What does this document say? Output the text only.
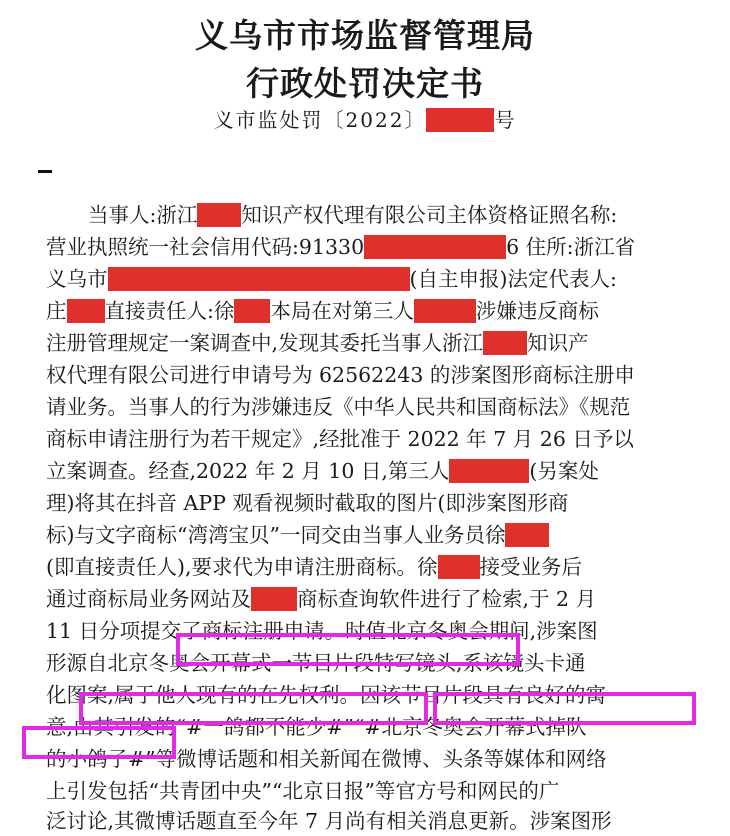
义乌市市场监督管理局
行政处罚决定书
义市监处罚〔2022〕	号
当事人:浙江 知识产权代理有限公司主体资格证照名称:
营业执照统一社会信用代码:91330	6 住所:浙江省
义乌市	(自主申报)法定代表人:
庄 直接责任人:徐 本局在对第三人	涉嫌违反商标
注册管理规定一案调查中,发现其委托当事人浙江 知识产
权代理有限公司进行申请号为 62562243 的涉案图形商标注册申
请业务。当事人的行为涉嫌违反《中华人民共和国商标法》《规范
商标申请注册行为若干规定》,经批准于 2022 年 7 月 26 日予以
立案调查。经查,2022 年 2 月 10 日,第三人	(另案处
理)将其在抖音 APP 观看视频时截取的图片(即涉案图形商
标)与文字商标“湾湾宝贝”一同交由当事人业务员徐
(即直接责任人),要求代为申请注册商标。徐 接受业务后
通过商标局业务网站及 商标查询软件进行了检索,于 2 月
11 日分项提交了商标注册申请。时值北京冬奥会期间,涉案图
形源自北京冬奥会开幕式一节目片段特写镜头,系该镜头卡通
化图案,属于他人现有的在先权利。因该节目片段具有良好的寓
意,由其引发的“#一鸽都不能少#”“#北京冬奥会开幕式掉队
的小鸽子#”等微博话题和相关新闻在微博、头条等媒体和网络
上引发包括“共青团中央”“北京日报”等官方号和网民的广
泛讨论,其微博话题直至今年 7 月尚有相关消息更新。涉案图形
